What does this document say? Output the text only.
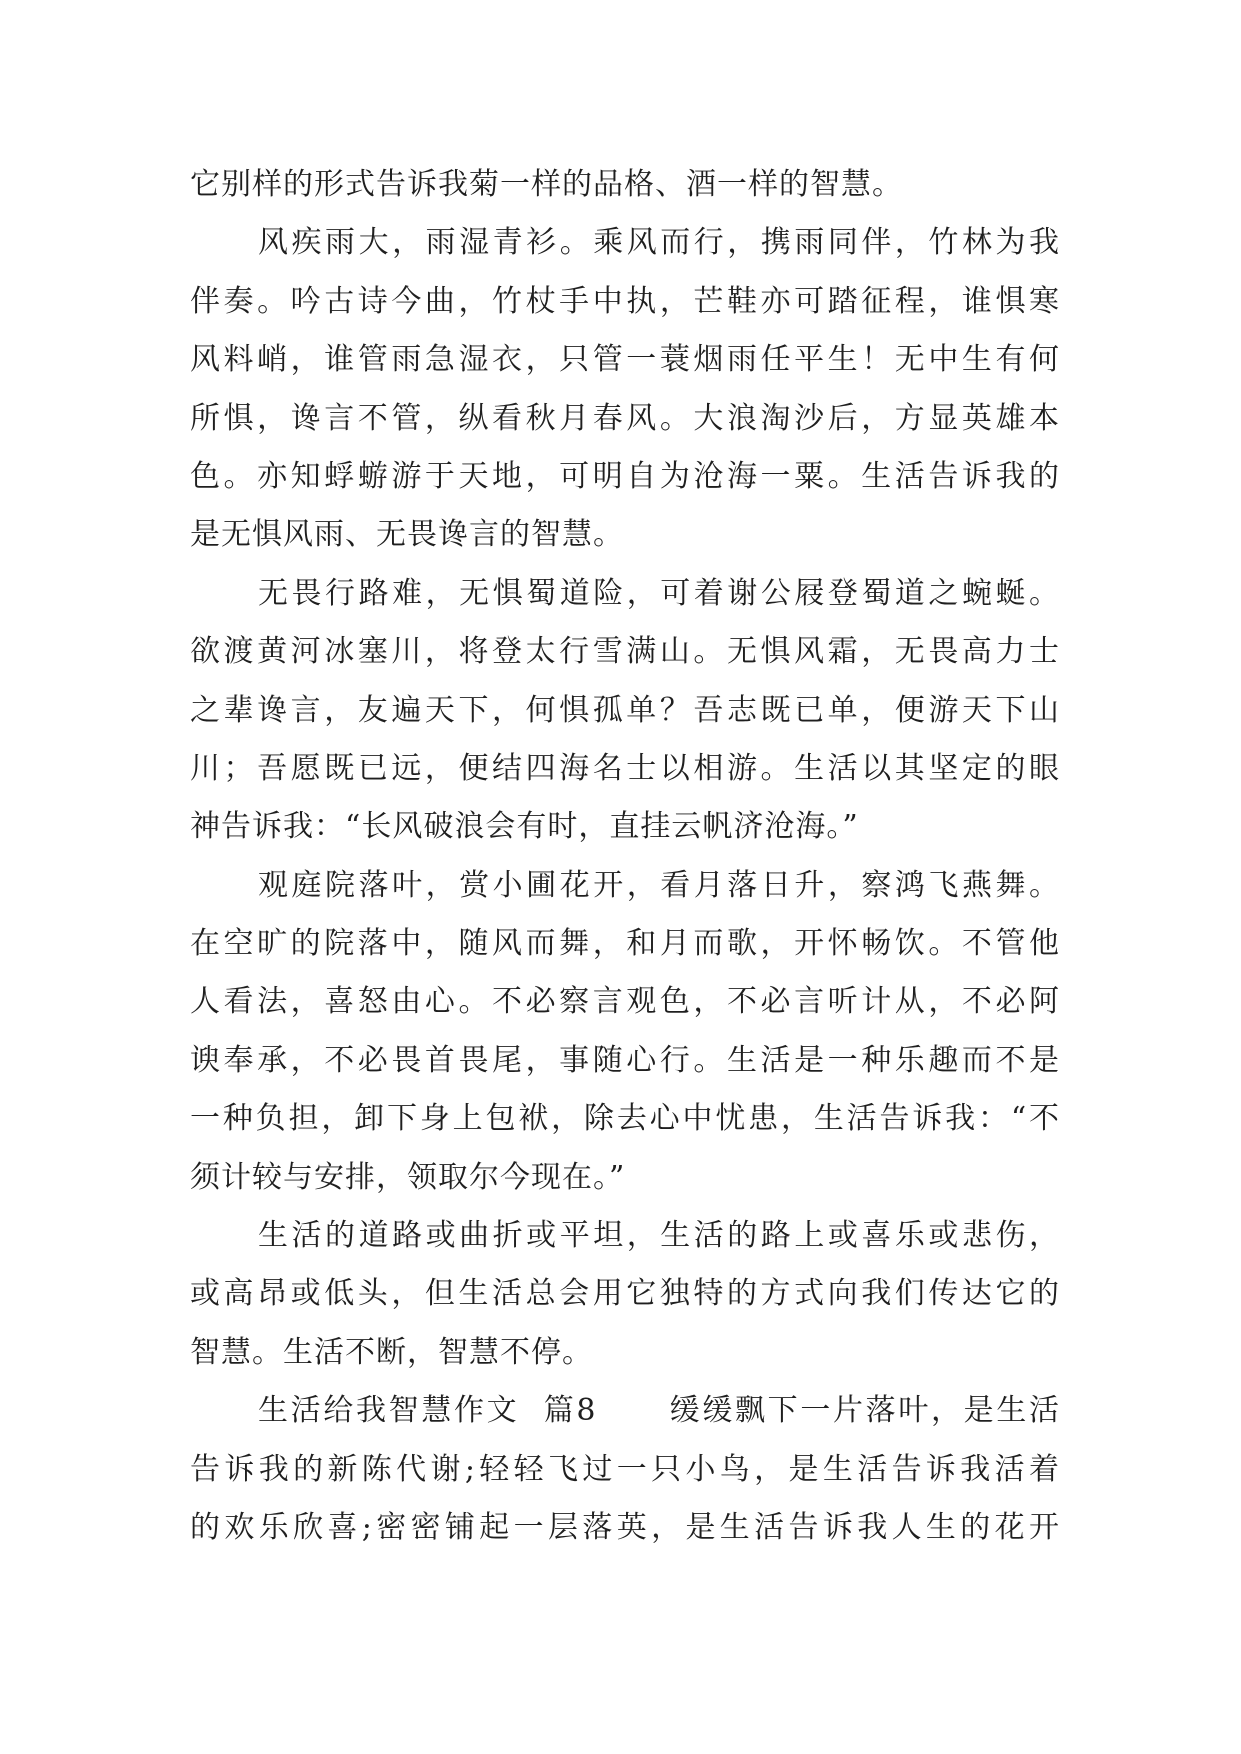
它别样的形式告诉我菊一样的品格、酒一样的智慧。
风疾雨大，雨湿青衫。乘风而行，携雨同伴，竹林为我
伴奏。吟古诗今曲，竹杖手中执，芒鞋亦可踏征程，谁惧寒
风料峭，谁管雨急湿衣，只管一蓑烟雨任平生！无中生有何
所惧，谗言不管，纵看秋月春风。大浪淘沙后，方显英雄本
色。亦知蜉蝣游于天地，可明自为沧海一粟。生活告诉我的
是无惧风雨、无畏谗言的智慧。
无畏行路难，无惧蜀道险，可着谢公屐登蜀道之蜿蜒。
欲渡黄河冰塞川，将登太行雪满山。无惧风霜，无畏高力士
之辈谗言，友遍天下，何惧孤单？吾志既已单，便游天下山
川；吾愿既已远，便结四海名士以相游。生活以其坚定的眼
神告诉我：“长风破浪会有时，直挂云帆济沧海。”
观庭院落叶，赏小圃花开，看月落日升，察鸿飞燕舞。
在空旷的院落中，随风而舞，和月而歌，开怀畅饮。不管他
人看法，喜怒由心。不必察言观色，不必言听计从，不必阿
谀奉承，不必畏首畏尾，事随心行。生活是一种乐趣而不是
一种负担，卸下身上包袱，除去心中忧患，生活告诉我：“不
须计较与安排，领取尔今现在。”
生活的道路或曲折或平坦，生活的路上或喜乐或悲伤，
或高昂或低头，但生活总会用它独特的方式向我们传达它的
智慧。生活不断，智慧不停。
生活给我智慧作文  篇8      缓缓飘下一片落叶，是生活
告诉我的新陈代谢;轻轻飞过一只小鸟，是生活告诉我活着
的欢乐欣喜;密密铺起一层落英，是生活告诉我人生的花开
